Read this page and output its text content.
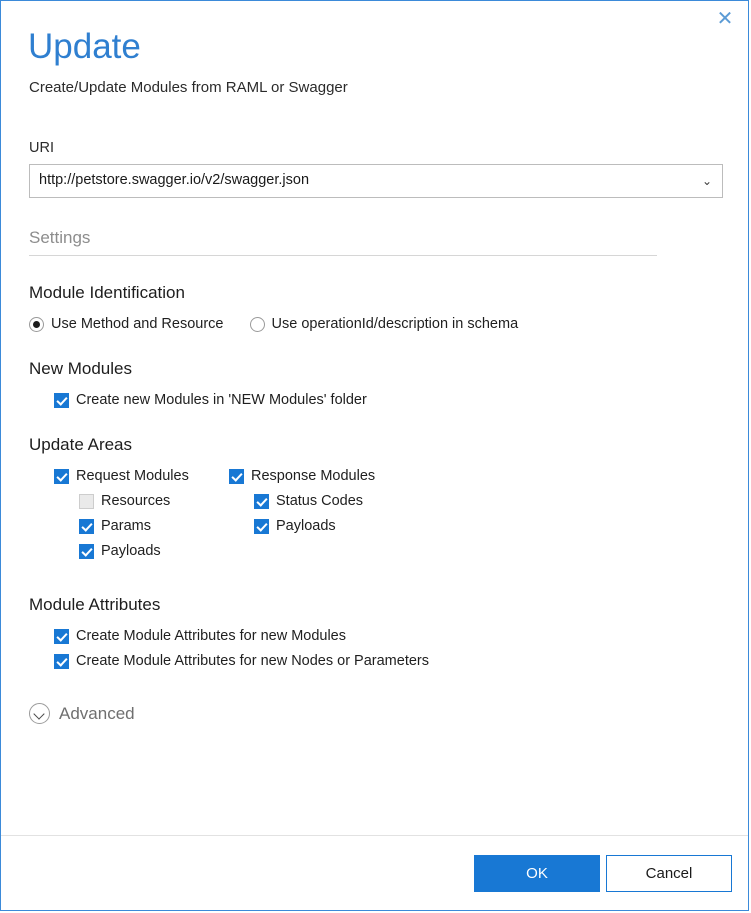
✕
Update
Create/Update Modules from RAML or Swagger
URI
http://petstore.swagger.io/v2/swagger.json	⌄
Settings
Module Identification
Use Method and Resource	Use operationId/description in schema
New Modules
Create new Modules in 'NEW Modules' folder
Update Areas
Request Modules
Resources
Params
Payloads
Response Modules
Status Codes
Payloads
Module Attributes
Create Module Attributes for new Modules
Create Module Attributes for new Nodes or Parameters
Advanced
OK	Cancel
